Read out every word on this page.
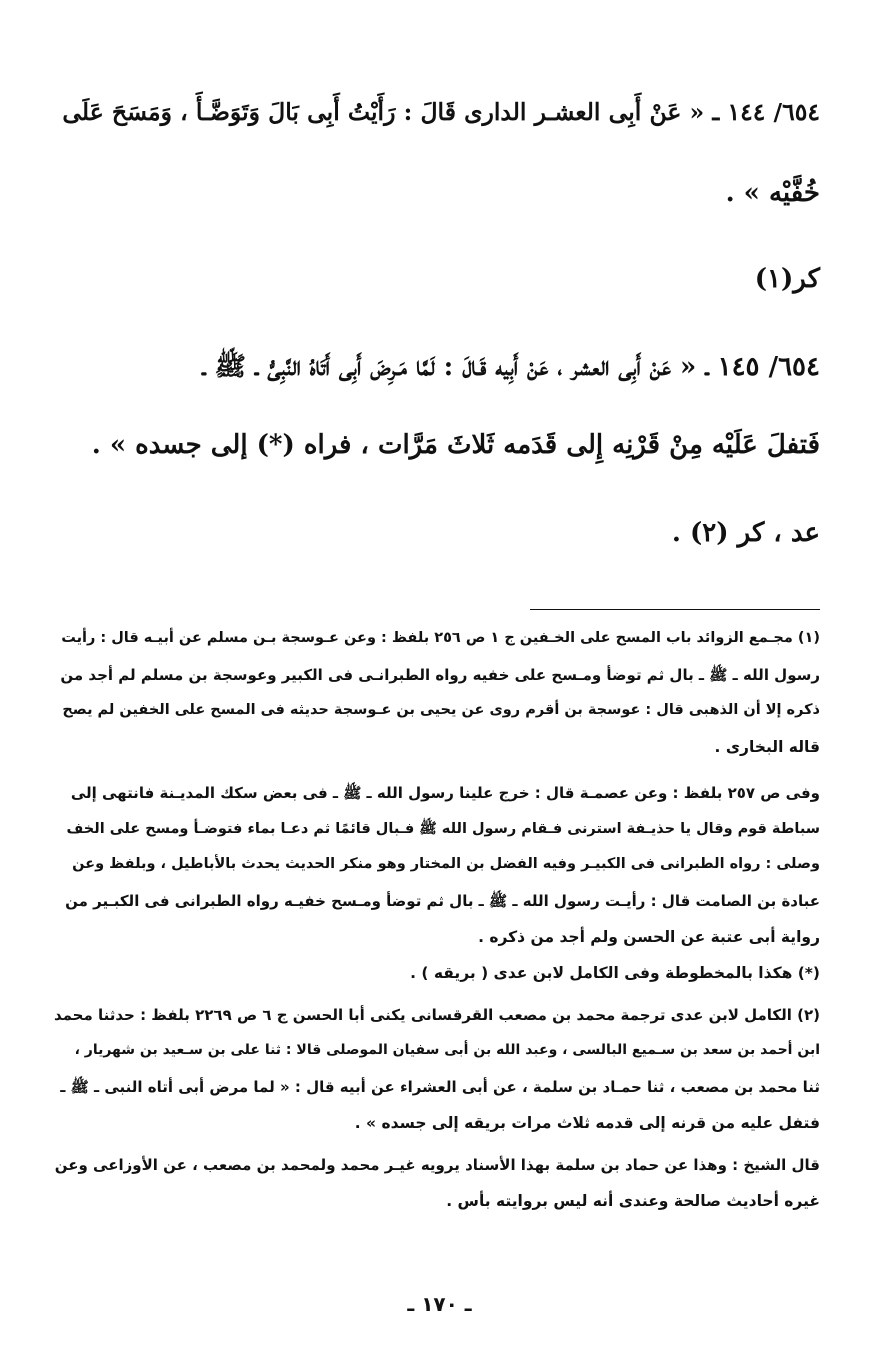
٦٥٤/ ١٤٤ ـ « عَنْ أَبِى العشـر الدارى قَالَ : رَأَيْتُ أَبِى بَالَ وَتَوَضَّـأَ ، وَمَسَحَ عَلَى
خُفَّيْه » .
كر(١)
٦٥٤/ ١٤٥ ـ « عَنْ أَبِى العشر ، عَنْ أَبِيه قَـالَ : لَمَّا مَـرِضَ أَبِى أَتَاهُ النَّبِىُّ ـ ﷺ ـ
فَتفلَ عَلَيْه مِنْ قَرْنِه إِلى قَدَمه ثَلاثَ مَرَّات ، فراه (*) إلى جسده » .
عد ، كر (٢) .
(١) مجـمع الزوائد باب المسح على الخـفين ج ١ ص ٢٥٦ بلفظ : وعن عـوسجة بـن مسلم عن أبيـه قال : رأيت
رسول الله ـ ﷺ ـ بال ثم توضأ ومـسح على خفيه رواه الطبرانـى فى الكبير وعوسجة بن مسلم لم أجد من
ذكره إلا أن الذهبى قال : عوسجة بن أقرم روى عن يحيى بن عـوسجة حديثه فى المسح على الخفين لم يصح
قاله البخارى .
وفى ص ٢٥٧ بلفظ : وعن عصمـة قال : خرج علينا رسول الله ـ ﷺ ـ فى بعض سكك المديـنة فانتهى إلى
سباطة قوم وقال يا حذيـفة استرنى فـقام رسول الله ﷺ فـبال قائمًا ثم دعـا بماء فتوضـأ ومسح على الخف
وصلى : رواه الطبرانى فى الكبيـر وفيه الفضل بن المختار وهو منكر الحديث يحدث بالأباطيل ، وبلفظ وعن
عبادة بن الصامت قال : رأيـت رسول الله ـ ﷺ ـ بال ثم توضأ ومـسح خفيـه رواه الطبرانى فى الكبـير من
رواية أبى عتبة عن الحسن ولم أجد من ذكره .
(*) هكذا بالمخطوطة وفى الكامل لابن عدى ( بريقه ) .
(٢) الكامل لابن عدى ترجمة محمد بن مصعب القرقسانى يكنى أبا الحسن ج ٦ ص ٢٢٦٩ بلفظ : حدثنا محمد
ابن أحمد بن سعد بن سـميع البالسى ، وعبد الله بن أبى سفيان الموصلى قالا : ثنا على بن سـعيد بن شهريار ،
ثنا محمد بن مصعب ، ثنا حمـاد بن سلمة ، عن أبى العشراء عن أبيه قال : « لما مرض أبى أتاه النبى ـ ﷺ ـ
فتفل عليه من قرنه إلى قدمه ثلاث مرات بريقه إلى جسده » .
قال الشيخ : وهذا عن حماد بن سلمة بهذا الأسناد يرويه غيـر محمد ولمحمد بن مصعب ، عن الأوزاعى وعن
غيره أحاديث صالحة وعندى أنه ليس بروايته بأس .
ـ ١٧٠ ـ
